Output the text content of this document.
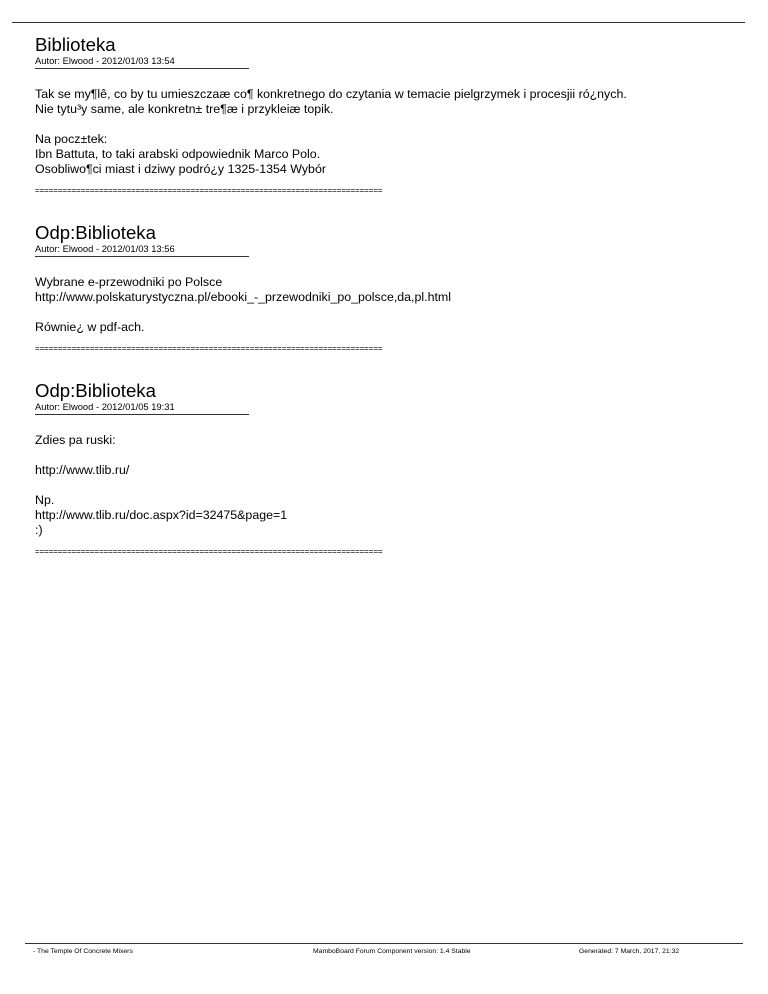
Biblioteka
Autor: Elwood - 2012/01/03 13:54

Tak se my¶lê, co by tu umieszczaæ co¶ konkretnego do czytania w temacie pielgrzymek i procesjii ró¿nych.
Nie tytu³y same, ale konkretn± tre¶æ i przykleiæ topik.

Na pocz±tek:
Ibn Battuta, to taki arabski odpowiednik Marco Polo.
Osobliwo¶ci miast i dziwy podró¿y 1325-1354 Wybór

============================================================================
Odp:Biblioteka
Autor: Elwood - 2012/01/03 13:56

Wybrane e-przewodniki po Polsce
http://www.polskaturystyczna.pl/ebooki_-_przewodniki_po_polsce,da,pl.html

Równie¿ w pdf-ach.

============================================================================
Odp:Biblioteka
Autor: Elwood - 2012/01/05 19:31

Zdies pa ruski:

http://www.tlib.ru/

Np.
http://www.tlib.ru/doc.aspx?id=32475&page=1
:)

============================================================================
- The Temple Of Concrete Mixers	MamboBoard Forum Component version: 1.4 Stable	Generated: 7 March, 2017, 21:32
